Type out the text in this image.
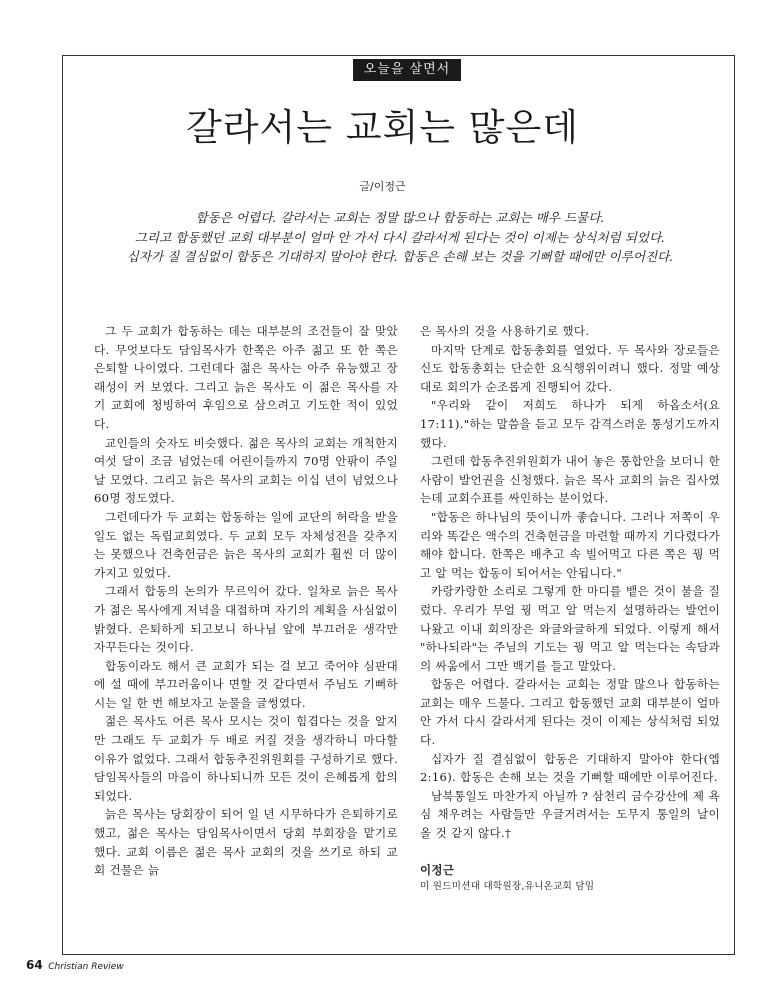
오늘을 살면서
갈라서는 교회는 많은데
글/이정근

합동은 어렵다. 갈라서는 교회는 정말 많으나 합동하는 교회는 매우 드물다.

그리고 합동했던 교회 대부분이 얼마 안 가서 다시 갈라서게 된다는 것이 이제는 상식처럼 되었다.

십자가 질 결심없이 합동은 기대하지 말아야 한다. 합동은 손해 보는 것을 기뻐할 때에만 이루어진다.

그 두 교회가 합동하는 데는 대부분의 조건들이 잘 맞았다. 무엇보다도 담임목사가 한쪽은 아주 젊고 또 한 쪽은 은퇴할 나이였다. 그런데다 젊은 목사는 아주 유능했고 장래성이 커 보였다. 그리고 늙은 목사도 이 젊은 목사를 자기 교회에 청빙하여 후임으로 삼으려고 기도한 적이 있었다.

교인들의 숫자도 비슷했다. 젊은 목사의 교회는 개척한지 여섯 달이 조금 넘었는데 어린이들까지 70명 안팎이 주일날 모였다. 그리고 늙은 목사의 교회는 이십 년이 넘었으나 60명 정도였다.

그런데다가 두 교회는 합동하는 일에 교단의 허락을 받을 일도 없는 독립교회였다. 두 교회 모두 자체성전을 갖추지는 못했으나 건축헌금은 늙은 목사의 교회가 훨씬 더 많이 가지고 있었다.

그래서 합동의 논의가 무르익어 갔다. 일차로 늙은 목사가 젊은 목사에게 저녁을 대접하며 자기의 계획을 사심없이 밝혔다. 은퇴하게 되고보니 하나님 앞에 부끄러운 생각만 자꾸든다는 것이다.

합동이라도 해서 큰 교회가 되는 걸 보고 죽어야 심판대에 설 때에 부끄러움이나 면할 것 같다면서 주님도 기뻐하시는 일 한 번 해보자고 눈물을 글썽였다.

젊은 목사도 어른 목사 모시는 것이 힘겹다는 것을 알지만 그래도 두 교회가 두 배로 커질 것을 생각하니 마다할 이유가 없었다. 그래서 합동추진위원회를 구성하기로 했다. 담임목사들의 마음이 하나되니까 모든 것이 은혜롭게 합의되었다.

늙은 목사는 당회장이 되어 일 년 시무하다가 은퇴하기로 했고, 젊은 목사는 담임목사이면서 당회 부회장을 맡기로 했다. 교회 이름은 젊은 목사 교회의 것을 쓰기로 하되 교회 건물은 늙

은 목사의 것을 사용하기로 했다.

마지막 단계로 합동총회를 열었다. 두 목사와 장로들은 신도 합동총회는 단순한 요식행위이려니 했다. 정말 예상대로 회의가 순조롭게 진행되어 갔다.

"우리와 같이 저희도 하나가 되게 하옵소서(요17:11)."하는 말씀을 듣고 모두 감격스러운 통성기도까지 했다.

그런데 합동추진위원회가 내어 놓은 통합안을 보더니 한 사람이 발언권을 신청했다. 늙은 목사 교회의 늙은 집사였는데 교회수표를 싸인하는 분이었다.

"합동은 하나님의 뜻이니까 좋습니다. 그러나 저쪽이 우리와 똑같은 액수의 건축헌금을 마련할 때까지 기다렸다가 해야 합니다. 한쪽은 배추고 속 빌어먹고 다른 쪽은 꿩 먹고 알 먹는 합동이 되어서는 안됩니다."

카랑카랑한 소리로 그렇게 한 마디를 뱉은 것이 불을 질렀다. 우리가 무얼 꿩 먹고 알 먹는지 설명하라는 발언이 나왔고 이내 회의장은 와글와글하게 되었다. 이렇게 해서 "하나되라"는 주님의 기도는 꿩 먹고 알 먹는다는 속담과의 싸움에서 그만 백기를 들고 말았다.

합동은 어렵다. 갈라서는 교회는 정말 많으나 합동하는 교회는 매우 드물다. 그리고 합동했던 교회 대부분이 얼마 안 가서 다시 갈라서게 된다는 것이 이제는 상식처럼 되었다.

십자가 질 결심없이 합동은 기대하지 말아야 한다(엡2:16). 합동은 손해 보는 것을 기뻐할 때에만 이루어진다.

남북통일도 마찬가지 아닐까 ? 삼천리 금수강산에 제 욕심 채우려는 사람들만 우글거려서는 도무지 통일의 날이 올 것 같지 않다.†

이정근
미 원드미션대 대학원장,유니온교회 담임
64 Christian Review
